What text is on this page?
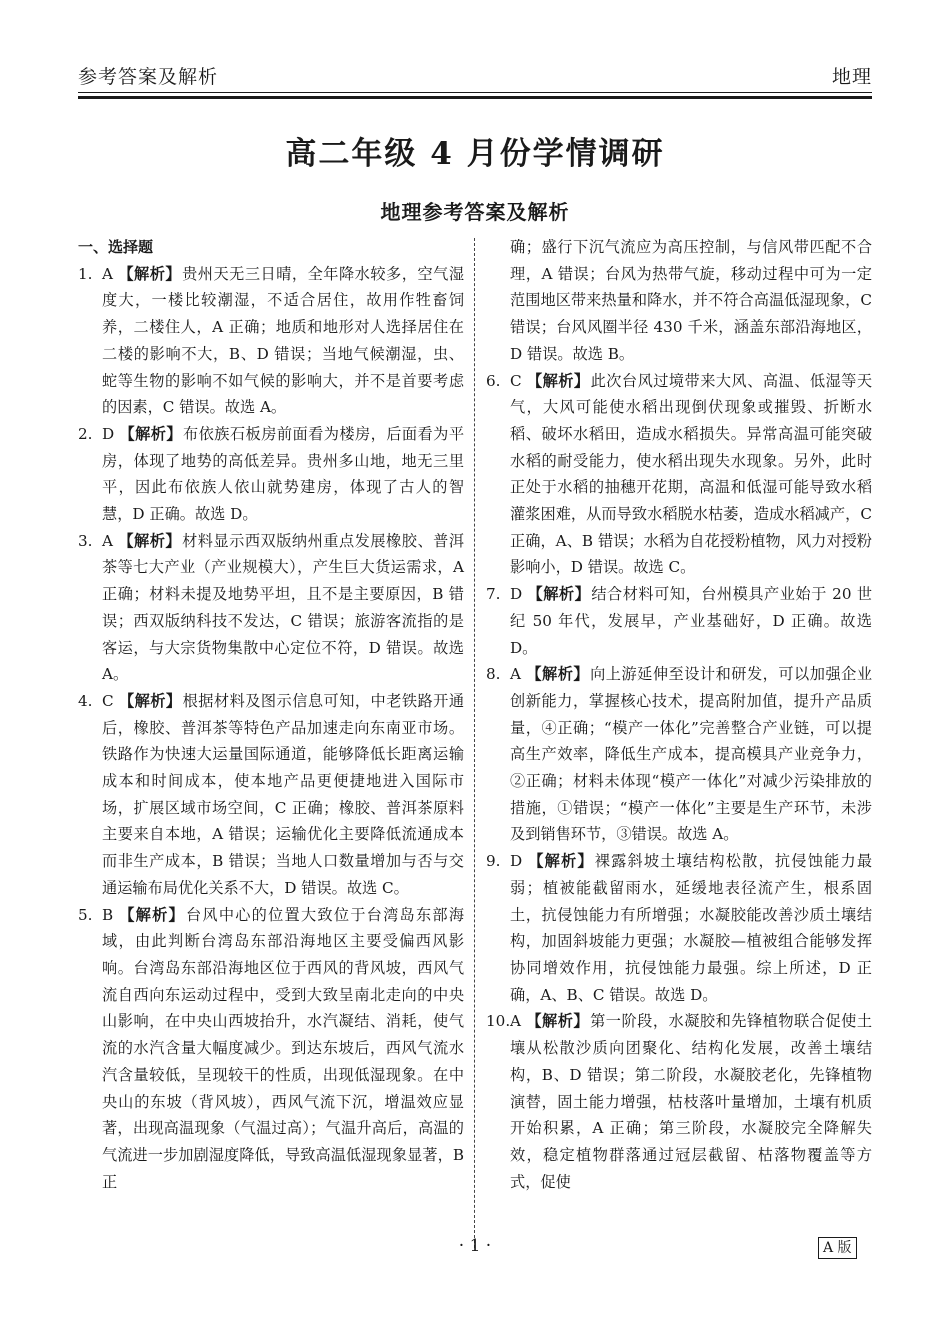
参考答案及解析	地理
高二年级 4 月份学情调研
地理参考答案及解析

一、选择题

1. A 【解析】贵州天无三日晴，全年降水较多，空气湿度大，一楼比较潮湿，不适合居住，故用作牲畜饲养，二楼住人，A 正确；地质和地形对人选择居住在二楼的影响不大，B、D 错误；当地气候潮湿，虫、蛇等生物的影响不如气候的影响大，并不是首要考虑的因素，C 错误。故选 A。

2. D 【解析】布依族石板房前面看为楼房，后面看为平房，体现了地势的高低差异。贵州多山地，地无三里平，因此布依族人依山就势建房，体现了古人的智慧，D 正确。故选 D。

3. A 【解析】材料显示西双版纳州重点发展橡胶、普洱茶等七大产业（产业规模大），产生巨大货运需求，A 正确；材料未提及地势平坦，且不是主要原因，B 错误；西双版纳科技不发达，C 错误；旅游客流指的是客运，与大宗货物集散中心定位不符，D 错误。故选 A。

4. C 【解析】根据材料及图示信息可知，中老铁路开通后，橡胶、普洱茶等特色产品加速走向东南亚市场。铁路作为快速大运量国际通道，能够降低长距离运输成本和时间成本，使本地产品更便捷地进入国际市场，扩展区域市场空间，C 正确；橡胶、普洱茶原料主要来自本地，A 错误；运输优化主要降低流通成本而非生产成本，B 错误；当地人口数量增加与否与交通运输布局优化关系不大，D 错误。故选 C。

5. B 【解析】台风中心的位置大致位于台湾岛东部海域，由此判断台湾岛东部沿海地区主要受偏西风影响。台湾岛东部沿海地区位于西风的背风坡，西风气流自西向东运动过程中，受到大致呈南北走向的中央山影响，在中央山西坡抬升，水汽凝结、消耗，使气流的水汽含量大幅度减少。到达东坡后，西风气流水汽含量较低，呈现较干的性质，出现低湿现象。在中央山的东坡（背风坡），西风气流下沉，增温效应显著，出现高温现象（气温过高）；气温升高后，高温的气流进一步加剧湿度降低，导致高温低湿现象显著，B 正

确；盛行下沉气流应为高压控制，与信风带匹配不合理，A 错误；台风为热带气旋，移动过程中可为一定范围地区带来热量和降水，并不符合高温低湿现象，C 错误；台风风圈半径 430 千米，涵盖东部沿海地区，D 错误。故选 B。

6. C 【解析】此次台风过境带来大风、高温、低湿等天气，大风可能使水稻出现倒伏现象或摧毁、折断水稻、破坏水稻田，造成水稻损失。异常高温可能突破水稻的耐受能力，使水稻出现失水现象。另外，此时正处于水稻的抽穗开花期，高温和低湿可能导致水稻灌浆困难，从而导致水稻脱水枯萎，造成水稻减产，C 正确，A、B 错误；水稻为自花授粉植物，风力对授粉影响小，D 错误。故选 C。

7. D 【解析】结合材料可知，台州模具产业始于 20 世纪 50 年代，发展早，产业基础好，D 正确。故选 D。

8. A 【解析】向上游延伸至设计和研发，可以加强企业创新能力，掌握核心技术，提高附加值，提升产品质量，④正确；“模产一体化”完善整合产业链，可以提高生产效率，降低生产成本，提高模具产业竞争力，②正确；材料未体现“模产一体化”对减少污染排放的措施，①错误；“模产一体化”主要是生产环节，未涉及到销售环节，③错误。故选 A。

9. D 【解析】裸露斜坡土壤结构松散，抗侵蚀能力最弱；植被能截留雨水，延缓地表径流产生，根系固土，抗侵蚀能力有所增强；水凝胶能改善沙质土壤结构，加固斜坡能力更强；水凝胶—植被组合能够发挥协同增效作用，抗侵蚀能力最强。综上所述，D 正确，A、B、C 错误。故选 D。

10.A 【解析】第一阶段，水凝胶和先锋植物联合促使土壤从松散沙质向团聚化、结构化发展，改善土壤结构，B、D 错误；第二阶段，水凝胶老化，先锋植物演替，固土能力增强，枯枝落叶量增加，土壤有机质开始积累，A 正确；第三阶段，水凝胶完全降解失效，稳定植物群落通过冠层截留、枯落物覆盖等方式，促使

· 1 ·	A 版
